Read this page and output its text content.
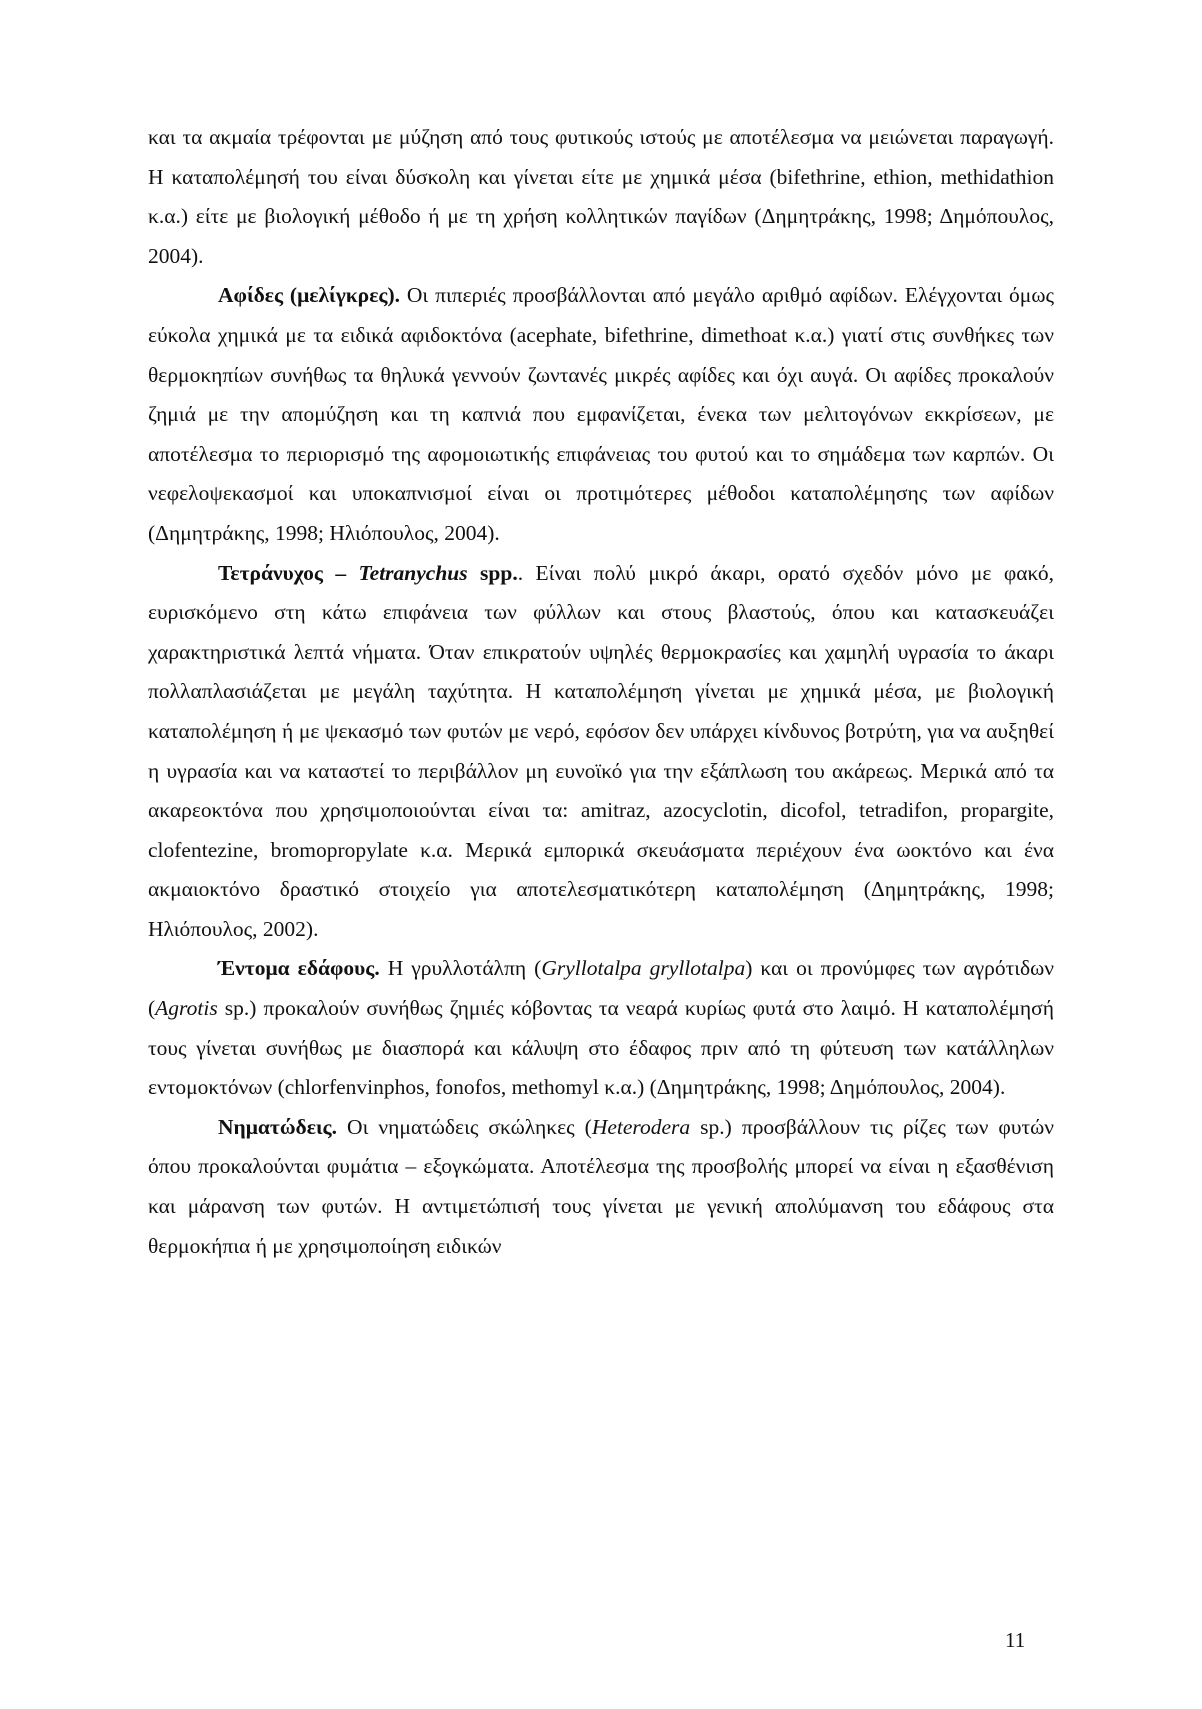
και τα ακμαία τρέφονται με μύζηση από τους φυτικούς ιστούς με αποτέλεσμα να μειώνεται παραγωγή. Η καταπολέμησή του είναι δύσκολη και γίνεται είτε με χημικά μέσα (bifethrine, ethion, methidathion κ.α.) είτε με βιολογική μέθοδο ή με τη χρήση κολλητικών παγίδων (Δημητράκης, 1998; Δημόπουλος, 2004).

Αφίδες (μελίγκρες). Οι πιπεριές προσβάλλονται από μεγάλο αριθμό αφίδων. Ελέγχονται όμως εύκολα χημικά με τα ειδικά αφιδοκτόνα (acephate, bifethrine, dimethoat κ.α.) γιατί στις συνθήκες των θερμοκηπίων συνήθως τα θηλυκά γεννούν ζωντανές μικρές αφίδες και όχι αυγά. Οι αφίδες προκαλούν ζημιά με την απομύζηση και τη καπνιά που εμφανίζεται, ένεκα των μελιτογόνων εκκρίσεων, με αποτέλεσμα το περιορισμό της αφομοιωτικής επιφάνειας του φυτού και το σημάδεμα των καρπών. Οι νεφελοψεκασμοί και υποκαπνισμοί είναι οι προτιμότερες μέθοδοι καταπολέμησης των αφίδων (Δημητράκης, 1998; Ηλιόπουλος, 2004).

Τετράνυχος – Tetranychus spp.. Είναι πολύ μικρό άκαρι, ορατό σχεδόν μόνο με φακό, ευρισκόμενο στη κάτω επιφάνεια των φύλλων και στους βλαστούς, όπου και κατασκευάζει χαρακτηριστικά λεπτά νήματα. Όταν επικρατούν υψηλές θερμοκρασίες και χαμηλή υγρασία το άκαρι πολλαπλασιάζεται με μεγάλη ταχύτητα. Η καταπολέμηση γίνεται με χημικά μέσα, με βιολογική καταπολέμηση ή με ψεκασμό των φυτών με νερό, εφόσον δεν υπάρχει κίνδυνος βοτρύτη, για να αυξηθεί η υγρασία και να καταστεί το περιβάλλον μη ευνοϊκό για την εξάπλωση του ακάρεως. Μερικά από τα ακαρεοκτόνα που χρησιμοποιούνται είναι τα: amitraz, azocyclotin, dicofol, tetradifon, propargite, clofentezine, bromopropylate κ.α. Μερικά εμπορικά σκευάσματα περιέχουν ένα ωοκτόνο και ένα ακμαιοκτόνο δραστικό στοιχείο για αποτελεσματικότερη καταπολέμηση (Δημητράκης, 1998; Ηλιόπουλος, 2002).

Έντομα εδάφους. Η γρυλλοτάλπη (Gryllotalpa gryllotalpa) και οι προνύμφες των αγρότιδων (Agrotis sp.) προκαλούν συνήθως ζημιές κόβοντας τα νεαρά κυρίως φυτά στο λαιμό. Η καταπολέμησή τους γίνεται συνήθως με διασπορά και κάλυψη στο έδαφος πριν από τη φύτευση των κατάλληλων εντομοκτόνων (chlorfenvinphos, fonofos, methomyl κ.α.) (Δημητράκης, 1998; Δημόπουλος, 2004).

Νηματώδεις. Οι νηματώδεις σκώληκες (Heterodera sp.) προσβάλλουν τις ρίζες των φυτών όπου προκαλούνται φυμάτια – εξογκώματα. Αποτέλεσμα της προσβολής μπορεί να είναι η εξασθένιση και μάρανση των φυτών. Η αντιμετώπισή τους γίνεται με γενική απολύμανση του εδάφους στα θερμοκήπια ή με χρησιμοποίηση ειδικών

11
